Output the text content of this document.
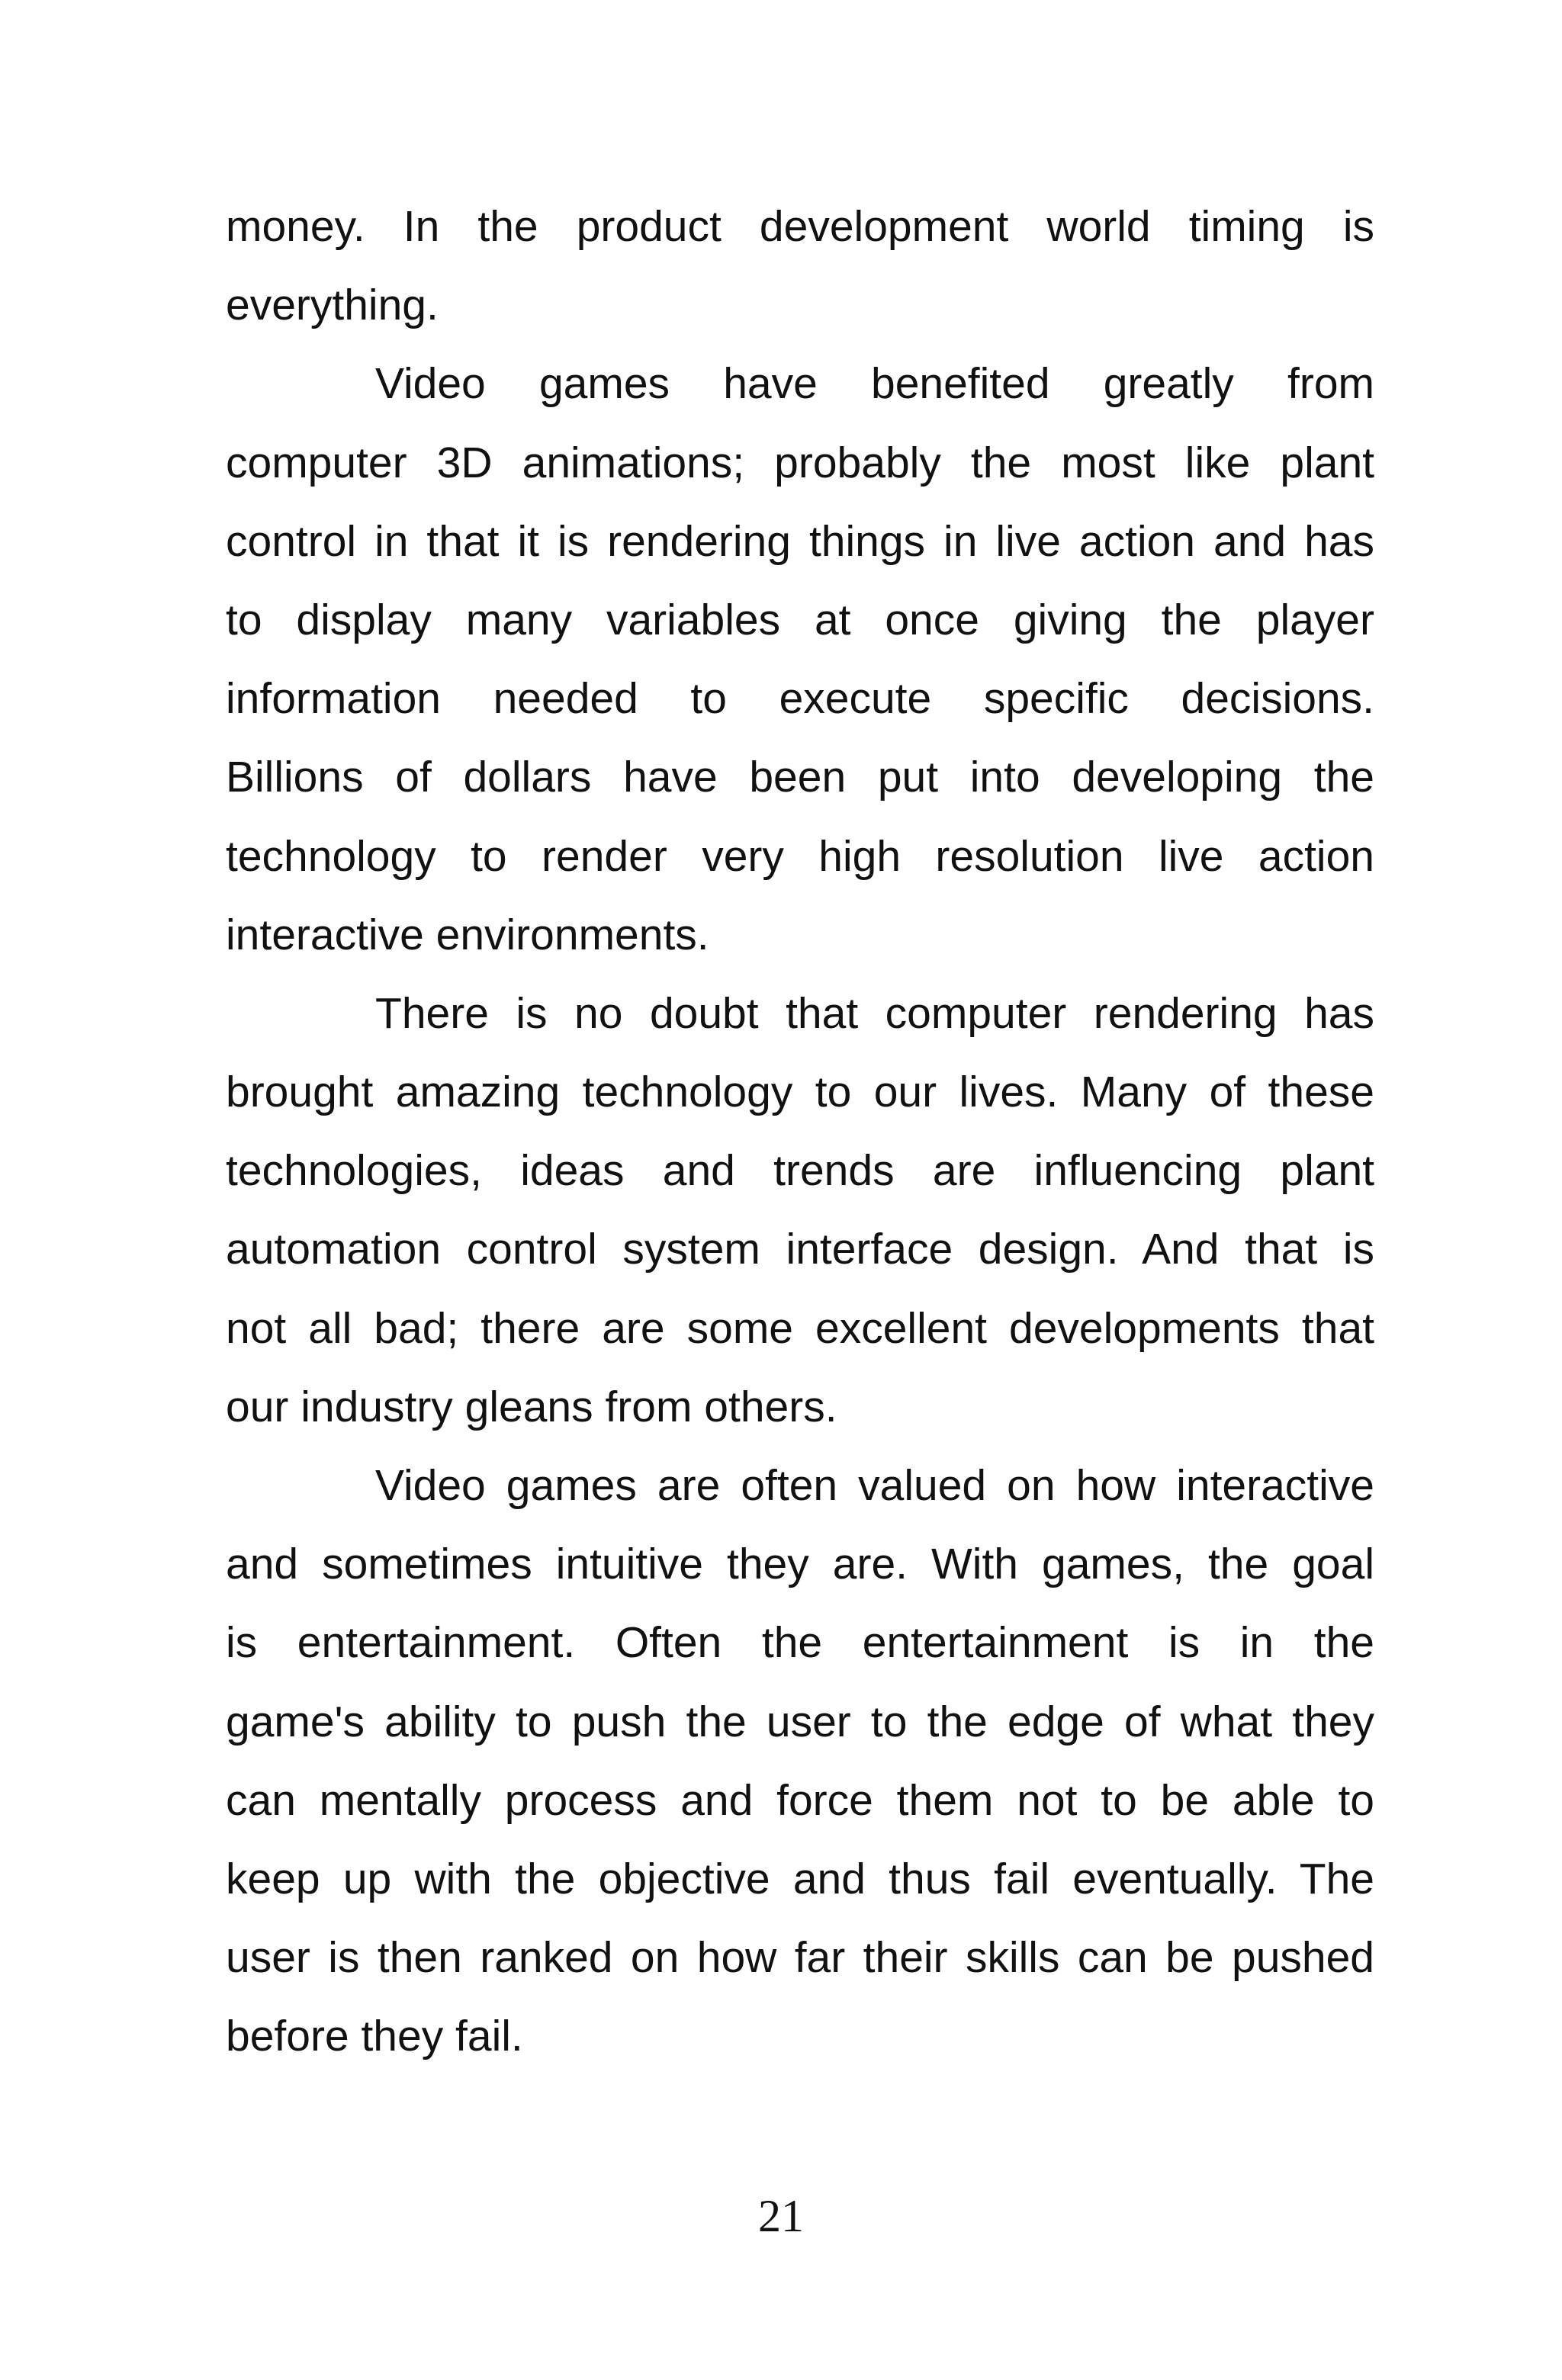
money. In the product development world timing is
everything.
Video games have benefited greatly from
computer 3D animations; probably the most like plant
control in that it is rendering things in live action and has
to display many variables at once giving the player
information needed to execute specific decisions.
Billions of dollars have been put into developing the
technology to render very high resolution live action
interactive environments.
There is no doubt that computer rendering has
brought amazing technology to our lives. Many of these
technologies, ideas and trends are influencing plant
automation control system interface design. And that is
not all bad; there are some excellent developments that
our industry gleans from others.
Video games are often valued on how interactive
and sometimes intuitive they are. With games, the goal
is entertainment. Often the entertainment is in the
game's ability to push the user to the edge of what they
can mentally process and force them not to be able to
keep up with the objective and thus fail eventually. The
user is then ranked on how far their skills can be pushed
before they fail.
21
